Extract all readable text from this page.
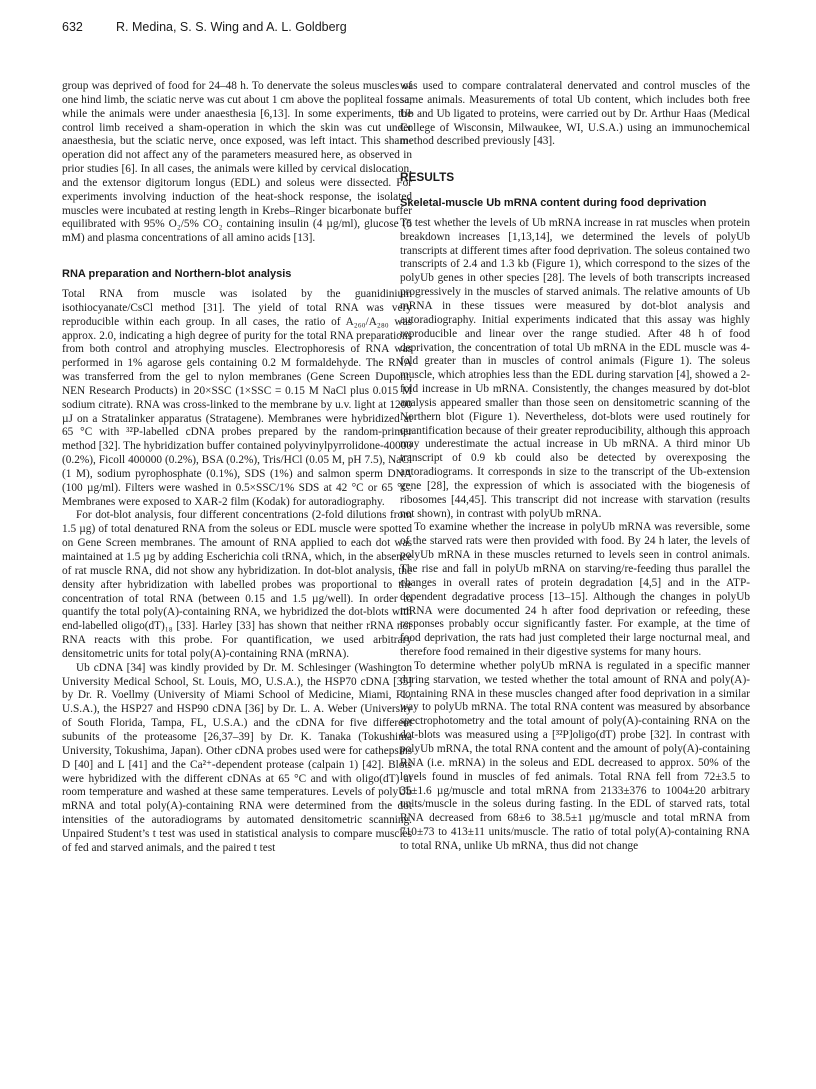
632	R. Medina, S. S. Wing and A. L. Goldberg

group was deprived of food for 24–48 h. To denervate the soleus muscles of one hind limb, the sciatic nerve was cut about 1 cm above the popliteal fossa, while the animals were under anaesthesia [6,13]. In some experiments, the control limb received a sham-operation in which the skin was cut under anaesthesia, but the sciatic nerve, once exposed, was left intact. This sham-operation did not affect any of the parameters measured here, as observed in prior studies [6]. In all cases, the animals were killed by cervical dislocation, and the extensor digitorum longus (EDL) and soleus were dissected. For experiments involving induction of the heat-shock response, the isolated muscles were incubated at resting length in Krebs–Ringer bicarbonate buffer equilibrated with 95% O₂/5% CO₂ containing insulin (4 µg/ml), glucose (5 mM) and plasma concentrations of all amino acids [13].

RNA preparation and Northern-blot analysis

Total RNA from muscle was isolated by the guanidinium isothiocyanate/CsCl method [31]. The yield of total RNA was very reproducible within each group. In all cases, the ratio of A₂₆₀/A₂₈₀ was approx. 2.0, indicating a high degree of purity for the total RNA preparations from both control and atrophying muscles. Electrophoresis of RNA was performed in 1% agarose gels containing 0.2 M formaldehyde. The RNA was transferred from the gel to nylon membranes (Gene Screen Dupont, NEN Research Products) in 20×SSC (1×SSC = 0.15 M NaCl plus 0.015 M sodium citrate). RNA was cross-linked to the membrane by u.v. light at 1200 µJ on a Stratalinker apparatus (Stratagene). Membranes were hybridized at 65 °C with ³²P-labelled cDNA probes prepared by the random-primer method [32]. The hybridization buffer contained polyvinylpyrrolidone-40000 (0.2%), Ficoll 400000 (0.2%), BSA (0.2%), Tris/HCl (0.05 M, pH 7.5), NaCl (1 M), sodium pyrophosphate (0.1%), SDS (1%) and salmon sperm DNA (100 µg/ml). Filters were washed in 0.5×SSC/1% SDS at 42 °C or 65 °C. Membranes were exposed to XAR-2 film (Kodak) for autoradiography.

For dot-blot analysis, four different concentrations (2-fold dilutions from 1.5 µg) of total denatured RNA from the soleus or EDL muscle were spotted on Gene Screen membranes. The amount of RNA applied to each dot was maintained at 1.5 µg by adding Escherichia coli tRNA, which, in the absence of rat muscle RNA, did not show any hybridization. In dot-blot analysis, the density after hybridization with labelled probes was proportional to the concentration of total RNA (between 0.15 and 1.5 µg/well). In order to quantify the total poly(A)-containing RNA, we hybridized the dot-blots with end-labelled oligo(dT)₁₈ [33]. Harley [33] has shown that neither rRNA nor RNA reacts with this probe. For quantification, we used arbitrary densitometric units for total poly(A)-containing RNA (mRNA).

Ub cDNA [34] was kindly provided by Dr. M. Schlesinger (Washington University Medical School, St. Louis, MO, U.S.A.), the HSP70 cDNA [35] by Dr. R. Voellmy (University of Miami School of Medicine, Miami, FL, U.S.A.), the HSP27 and HSP90 cDNA [36] by Dr. L. A. Weber (University of South Florida, Tampa, FL, U.S.A.) and the cDNA for five different subunits of the proteasome [26,37–39] by Dr. K. Tanaka (Tokushima University, Tokushima, Japan). Other cDNA probes used were for cathepsins D [40] and L [41] and the Ca²⁺-dependent protease (calpain 1) [42]. Blots were hybridized with the different cDNAs at 65 °C and with oligo(dT) at room temperature and washed at these same temperatures. Levels of polyUb mRNA and total poly(A)-containing RNA were determined from the dot intensities of the autoradiograms by automated densitometric scanning. Unpaired Student’s t test was used in statistical analysis to compare muscles of fed and starved animals, and the paired t test

was used to compare contralateral denervated and control muscles of the same animals. Measurements of total Ub content, which includes both free Ub and Ub ligated to proteins, were carried out by Dr. Arthur Haas (Medical College of Wisconsin, Milwaukee, WI, U.S.A.) using an immunochemical method described previously [43].

RESULTS
Skeletal-muscle Ub mRNA content during food deprivation

To test whether the levels of Ub mRNA increase in rat muscles when protein breakdown increases [1,13,14], we determined the levels of polyUb transcripts at different times after food deprivation. The soleus contained two transcripts of 2.4 and 1.3 kb (Figure 1), which correspond to the sizes of the polyUb genes in other species [28]. The levels of both transcripts increased progressively in the muscles of starved animals. The relative amounts of Ub mRNA in these tissues were measured by dot-blot analysis and autoradiography. Initial experiments indicated that this assay was highly reproducible and linear over the range studied. After 48 h of food deprivation, the concentration of total Ub mRNA in the EDL muscle was 4-fold greater than in muscles of control animals (Figure 1). The soleus muscle, which atrophies less than the EDL during starvation [4], showed a 2-fold increase in Ub mRNA. Consistently, the changes measured by dot-blot analysis appeared smaller than those seen on densitometric scanning of the Northern blot (Figure 1). Nevertheless, dot-blots were used routinely for quantification because of their greater reproducibility, although this approach may underestimate the actual increase in Ub mRNA. A third minor Ub transcript of 0.9 kb could also be detected by overexposing the autoradiograms. It corresponds in size to the transcript of the Ub-extension gene [28], the expression of which is associated with the biogenesis of ribosomes [44,45]. This transcript did not increase with starvation (results not shown), in contrast with polyUb mRNA.

To examine whether the increase in polyUb mRNA was reversible, some of the starved rats were then provided with food. By 24 h later, the levels of polyUb mRNA in these muscles returned to levels seen in control animals. The rise and fall in polyUb mRNA on starving/re-feeding thus parallel the changes in overall rates of protein degradation [4,5] and in the ATP-dependent degradative process [13–15]. Although the changes in polyUb mRNA were documented 24 h after food deprivation or refeeding, these responses probably occur significantly faster. For example, at the time of food deprivation, the rats had just completed their large nocturnal meal, and therefore food remained in their digestive systems for many hours.

To determine whether polyUb mRNA is regulated in a specific manner during starvation, we tested whether the total amount of RNA and poly(A)-containing RNA in these muscles changed after food deprivation in a similar way to polyUb mRNA. The total RNA content was measured by absorbance spectrophotometry and the total amount of poly(A)-containing RNA on the dot-blots was measured using a [³²P]oligo(dT) probe [32]. In contrast with polyUb mRNA, the total RNA content and the amount of poly(A)-containing RNA (i.e. mRNA) in the soleus and EDL decreased to approx. 50% of the levels found in muscles of fed animals. Total RNA fell from 72±3.5 to 35±1.6 µg/muscle and total mRNA from 2133±376 to 1004±20 arbitrary units/muscle in the soleus during fasting. In the EDL of starved rats, total RNA decreased from 68±6 to 38.5±1 µg/muscle and total mRNA from 710±73 to 413±11 units/muscle. The ratio of total poly(A)-containing RNA to total RNA, unlike Ub mRNA, thus did not change
